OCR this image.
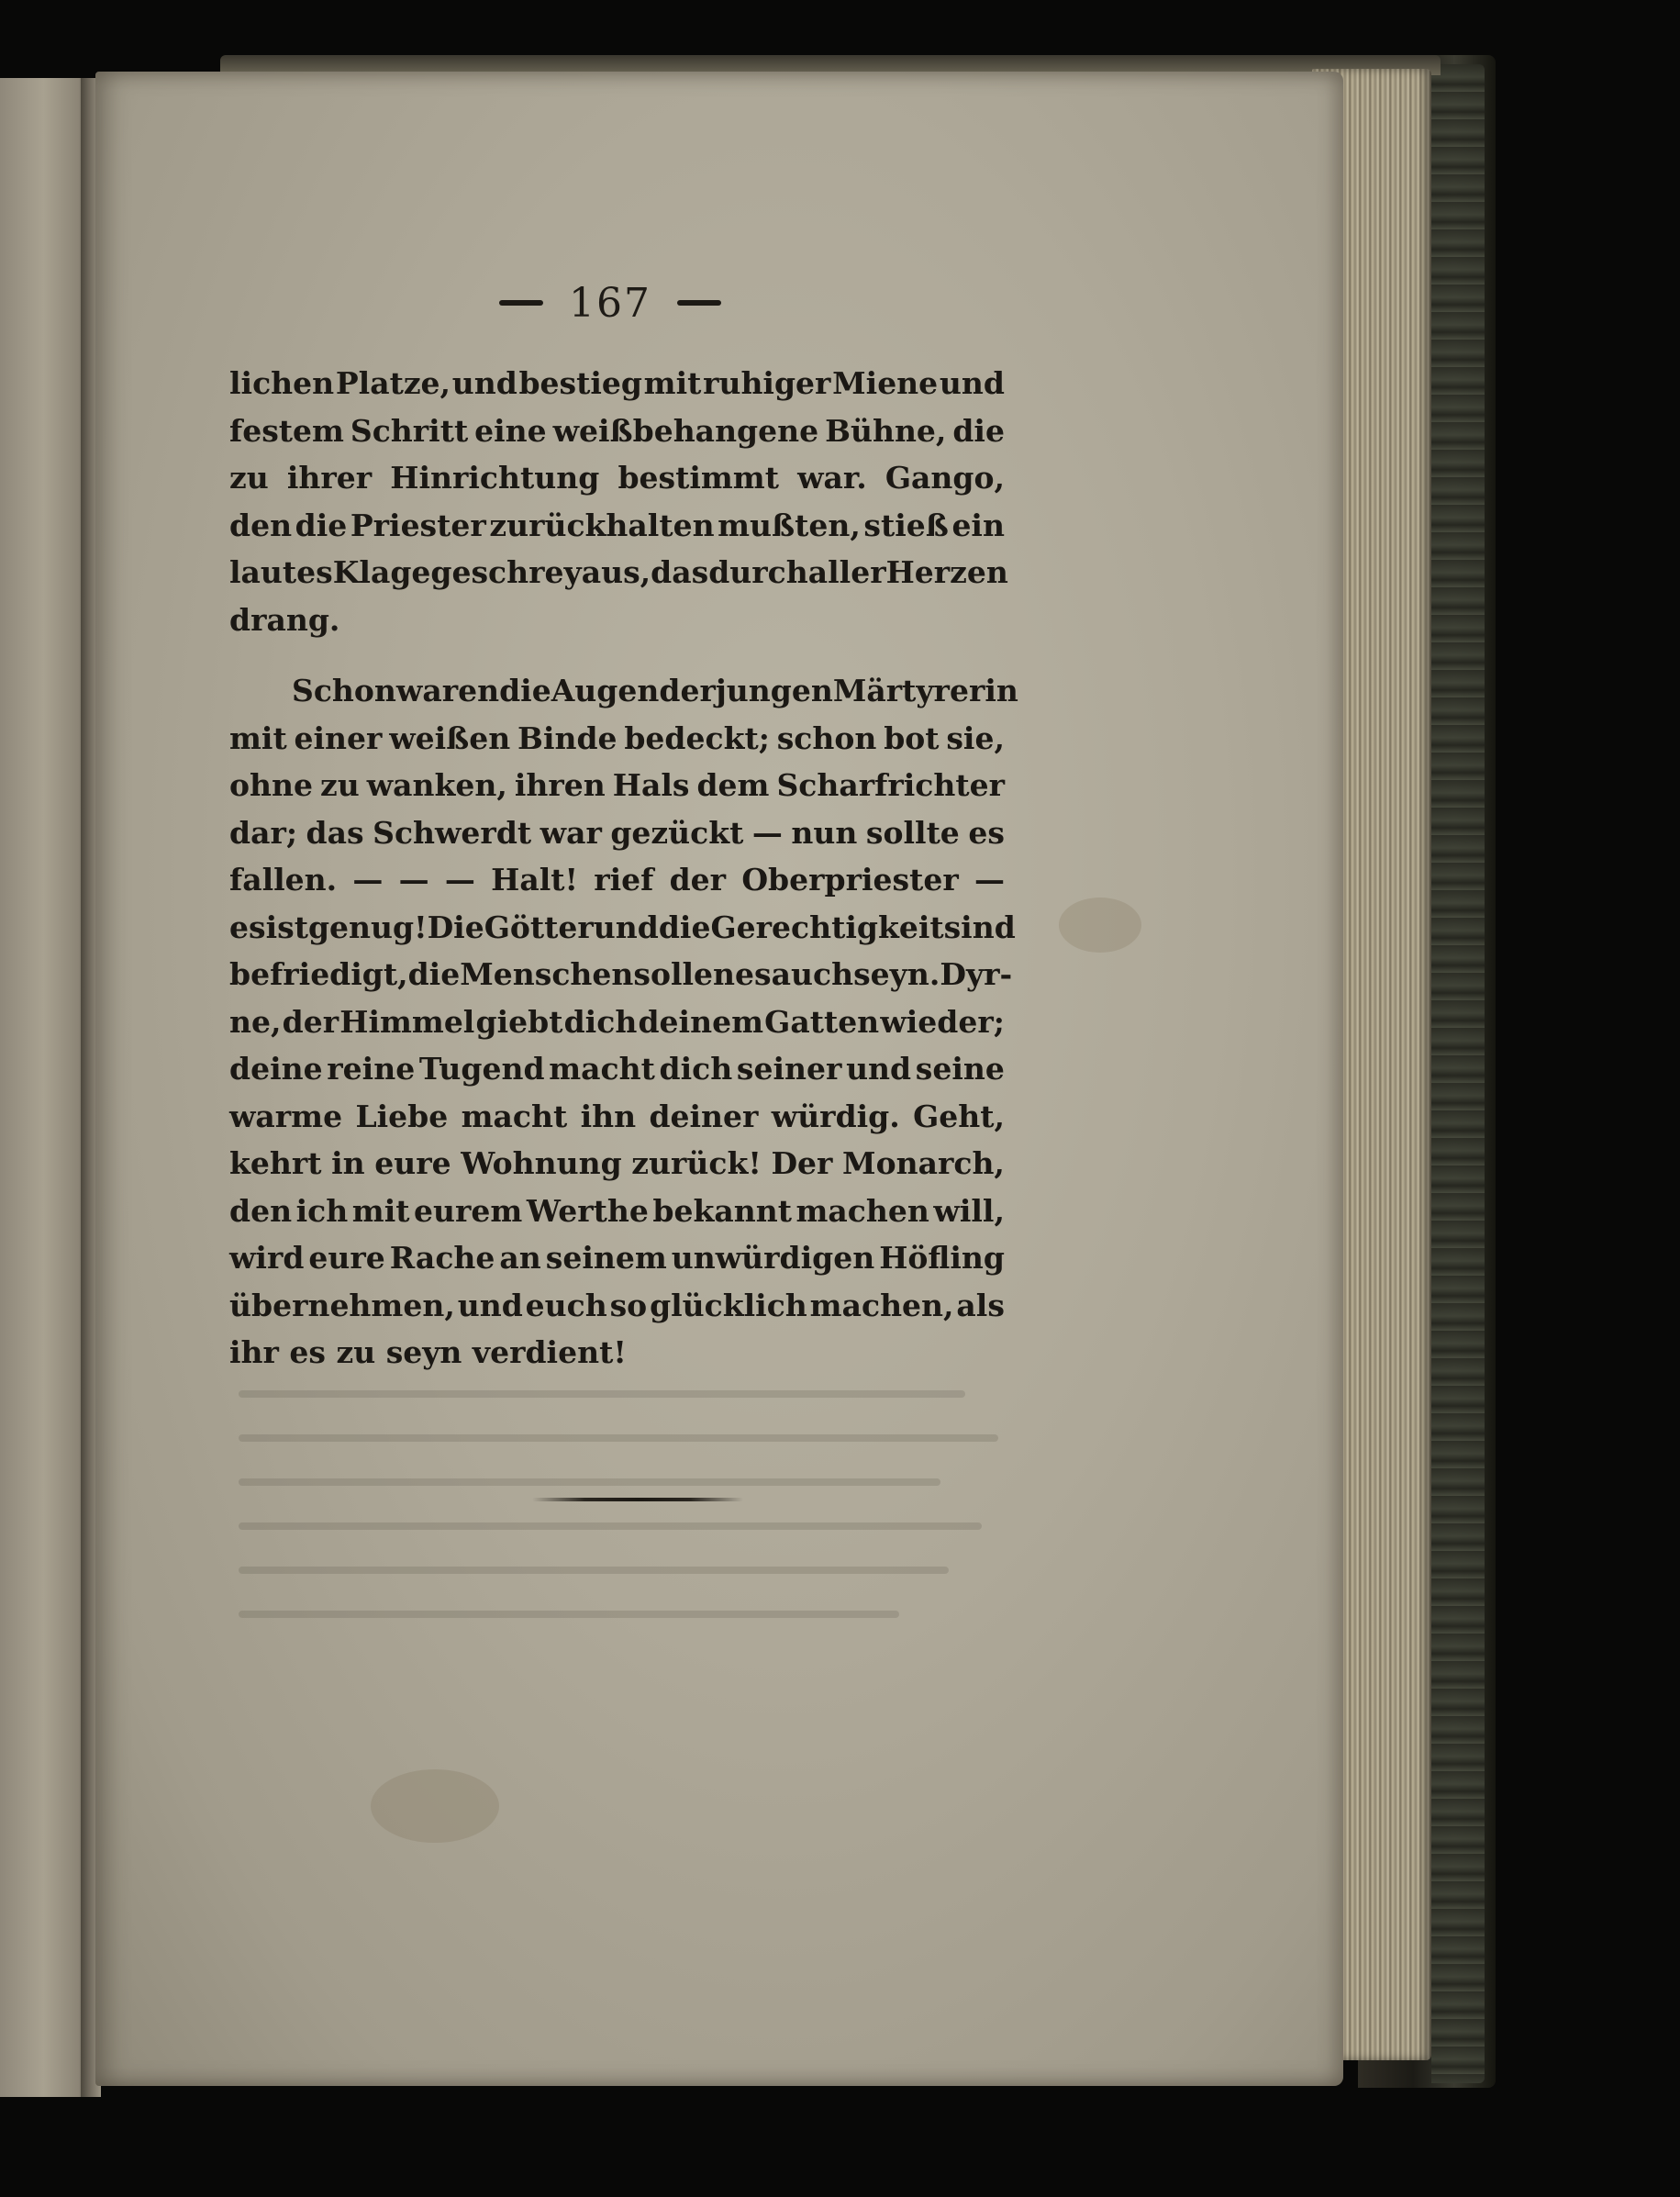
167
lichen Platze, und bestieg mit ruhiger Miene und
festem Schritt eine weißbehangene Bühne, die
zu ihrer Hinrichtung bestimmt war. Gango,
den die Priester zurückhalten mußten, stieß ein
lautes Klagegeschrey aus, das durch aller Herzen
drang.
Schon waren die Augen der jungen Märtyrerin
mit einer weißen Binde bedeckt; schon bot sie,
ohne zu wanken, ihren Hals dem Scharfrichter
dar; das Schwerdt war gezückt — nun sollte es
fallen. — — — Halt! rief der Oberpriester —
es ist genug! Die Götter und die Gerechtigkeit sind
befriedigt, die Menschen sollen es auch seyn. Dyr-
ne, der Himmel giebt dich deinem Gatten wieder;
deine reine Tugend macht dich seiner und seine
warme Liebe macht ihn deiner würdig. Geht,
kehrt in eure Wohnung zurück! Der Monarch,
den ich mit eurem Werthe bekannt machen will,
wird eure Rache an seinem unwürdigen Höfling
übernehmen, und euch so glücklich machen, als
ihr es zu seyn verdient!
